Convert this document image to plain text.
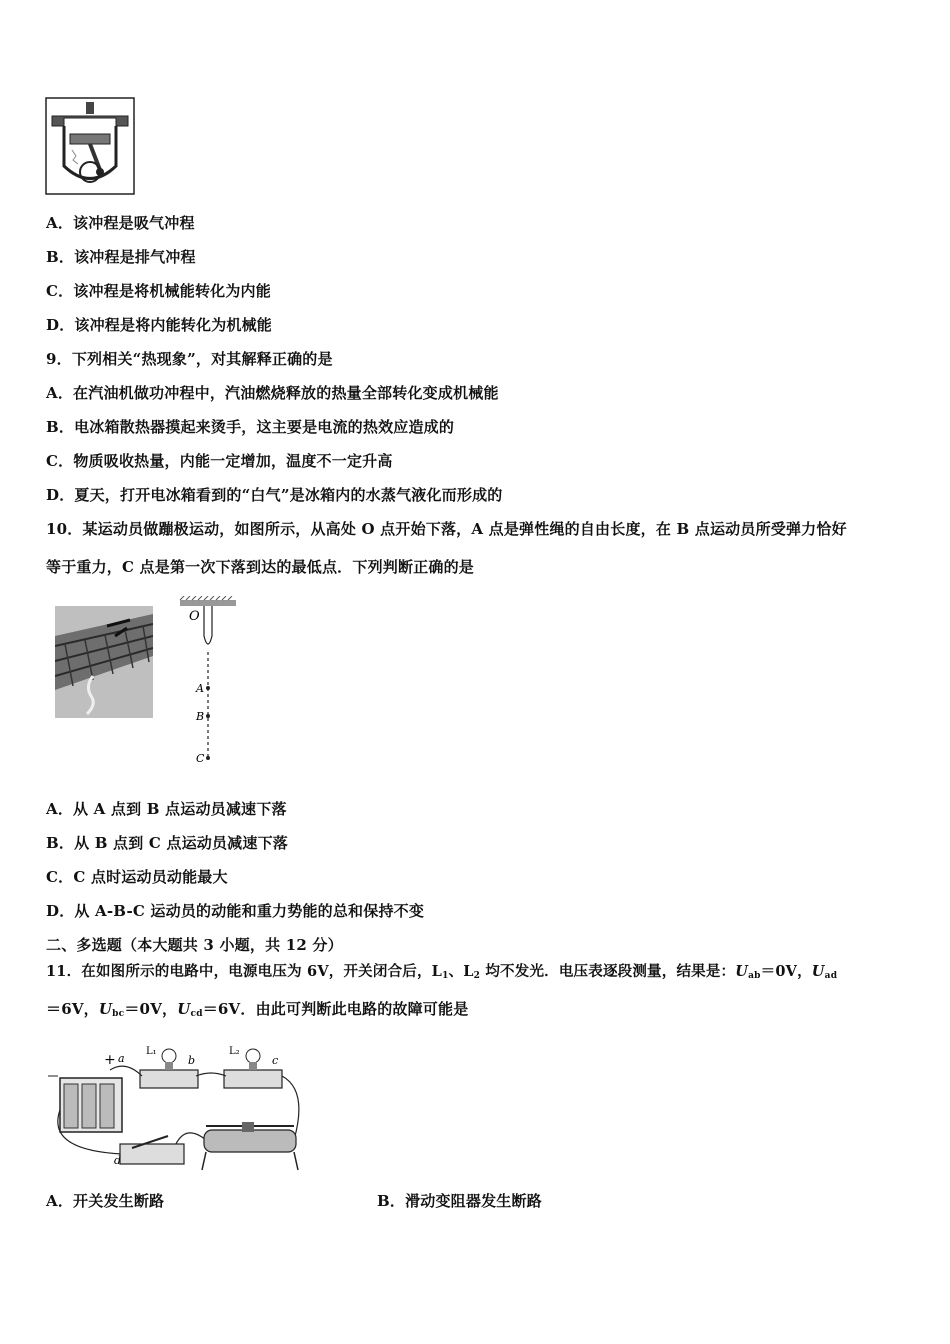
A．该冲程是吸气冲程
B．该冲程是排气冲程
C．该冲程是将机械能转化为内能
D．该冲程是将内能转化为机械能
9．下列相关“热现象”，对其解释正确的是
A．在汽油机做功冲程中，汽油燃烧释放的热量全部转化变成机械能
B．电冰箱散热器摸起来烫手，这主要是电流的热效应造成的
C．物质吸收热量，内能一定增加，温度不一定升高
D．夏天，打开电冰箱看到的“白气”是冰箱内的水蒸气液化而形成的
10．某运动员做蹦极运动，如图所示，从高处 O 点开始下落，A 点是弹性绳的自由长度，在 B 点运动员所受弹力恰好
等于重力，C 点是第一次下落到达的最低点．下列判断正确的是
O
A
B
C
A．从 A 点到 B 点运动员减速下落
B．从 B 点到 C 点运动员减速下落
C．C 点时运动员动能最大
D．从 A-B-C 运动员的动能和重力势能的总和保持不变
二、多选题（本大题共 3 小题，共 12 分）
11．在如图所示的电路中，电源电压为 6V，开关闭合后，$L_1$、$L_2$ 均不发光．电压表逐段测量，结果是：$U_{ab}=0V$，$U_{ad}$
＝6V，$U_{bc}=0V$，$U_{cd}=6V$．由此可判断此电路的故障可能是
+ a
L₁
b
L₂
c
d
A．开关发生断路	B．滑动变阻器发生断路
